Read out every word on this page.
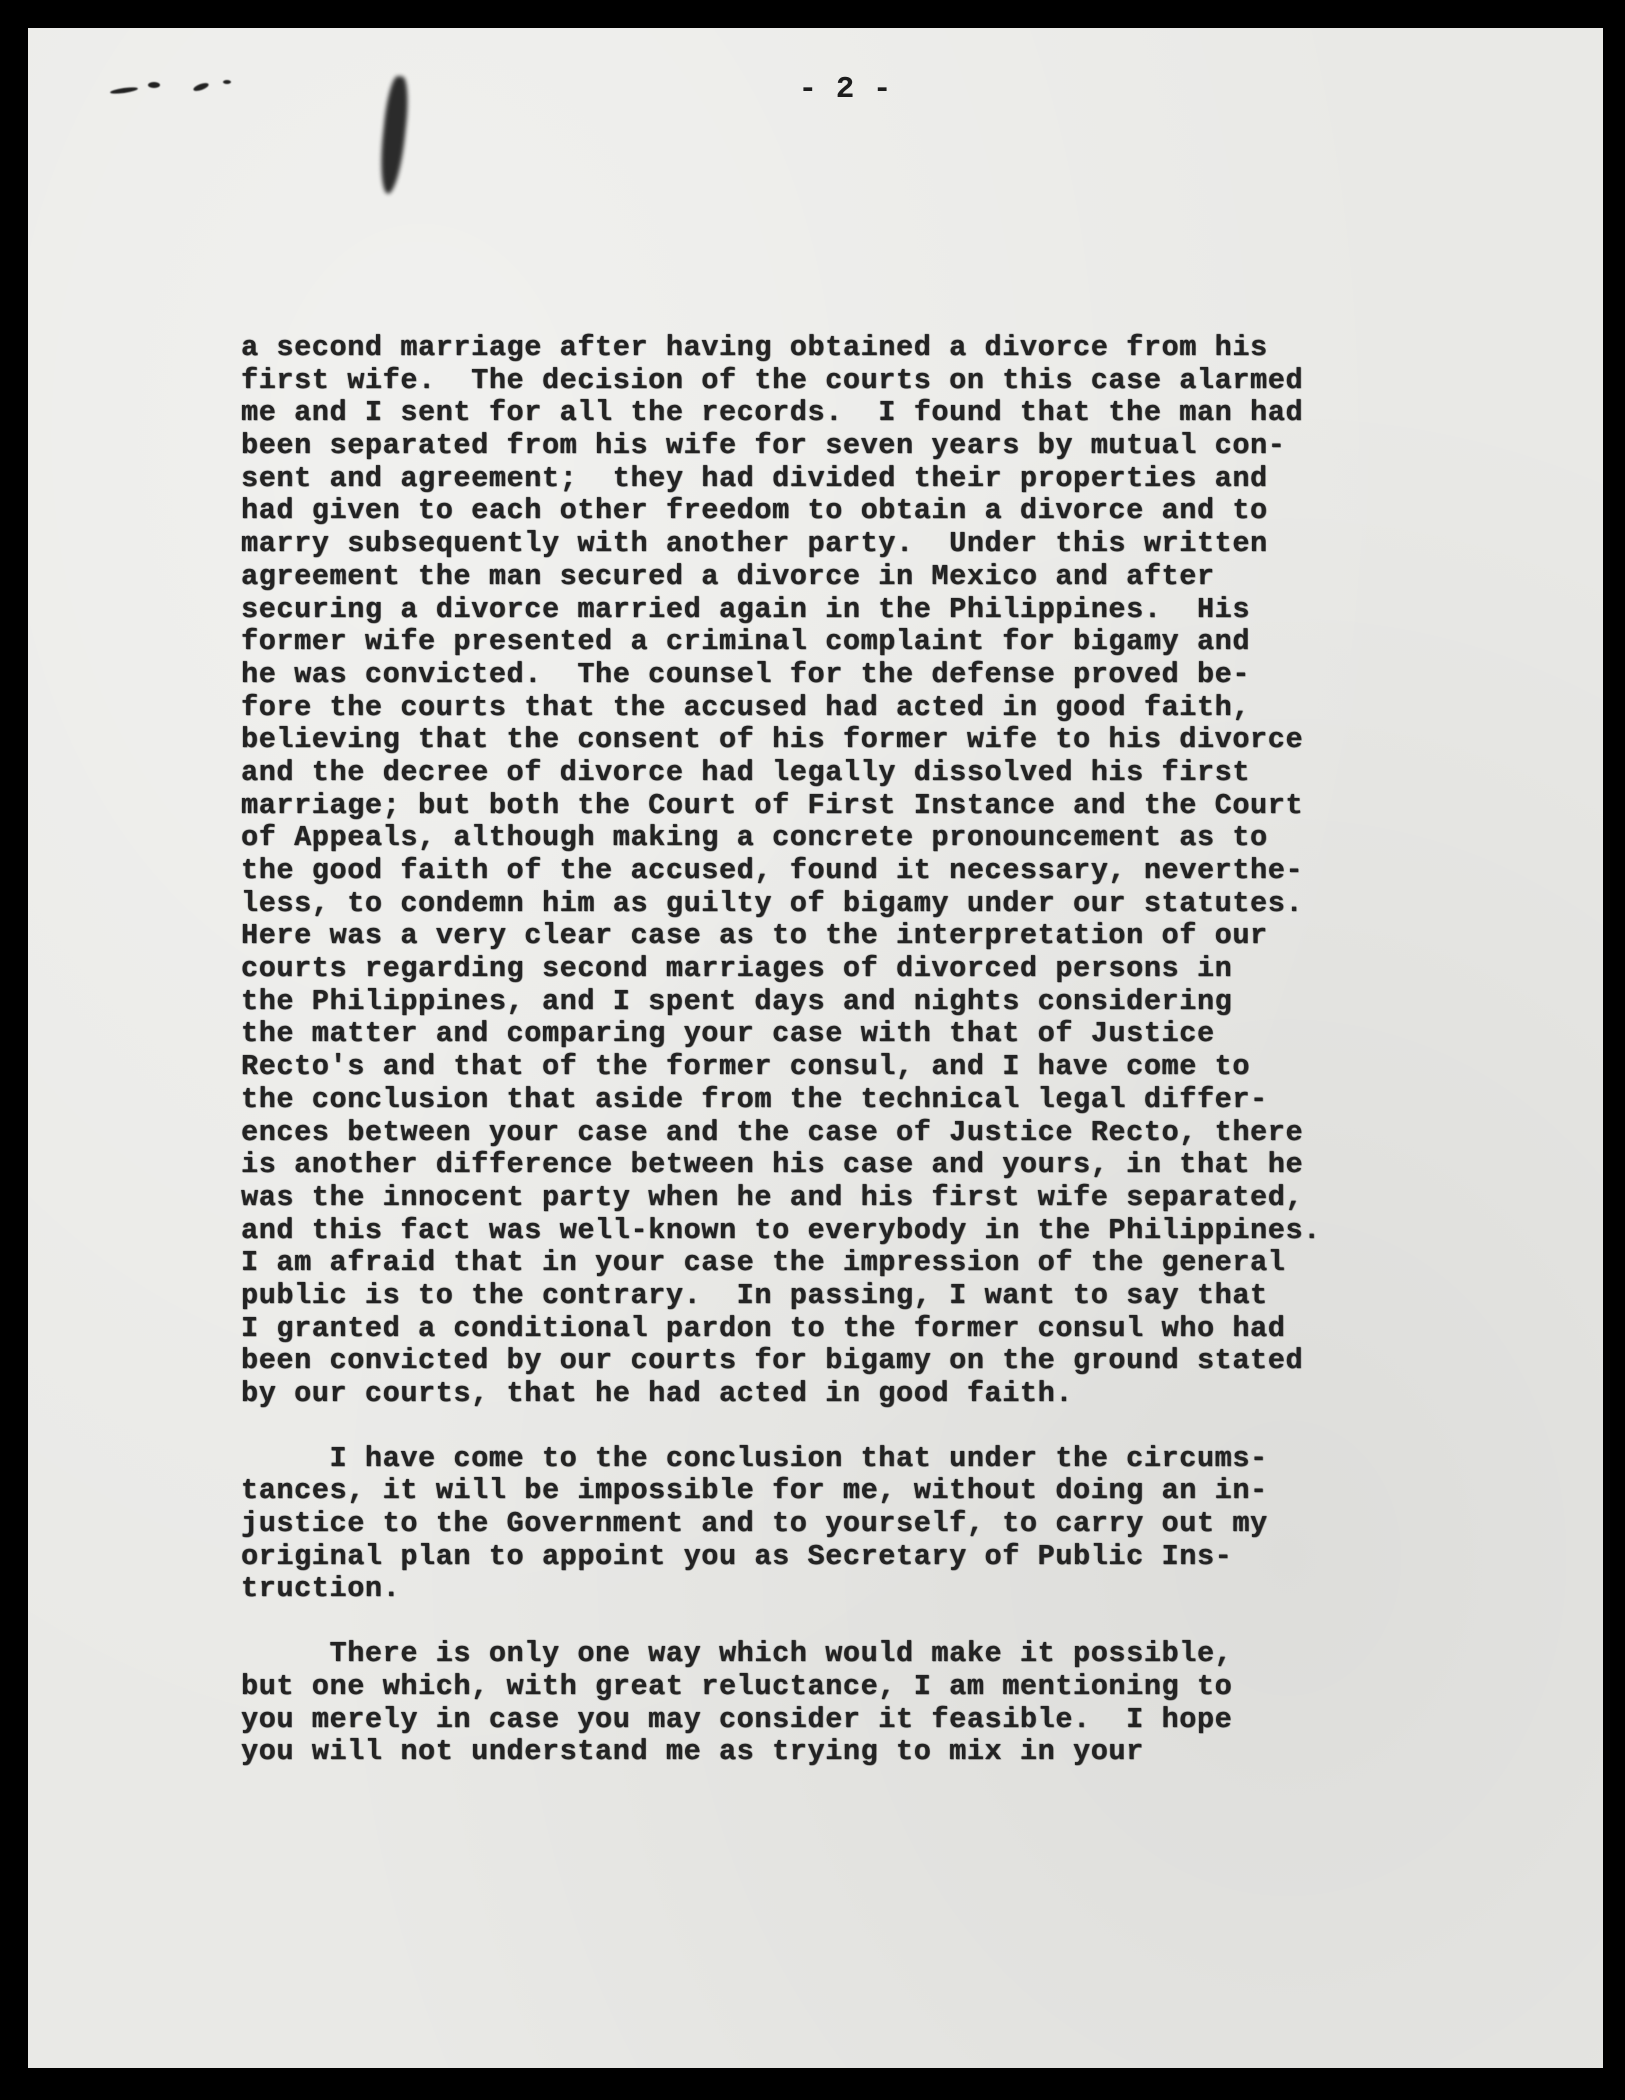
- 2 -
a second marriage after having obtained a divorce from his
first wife.  The decision of the courts on this case alarmed
me and I sent for all the records.  I found that the man had
been separated from his wife for seven years by mutual con-
sent and agreement;  they had divided their properties and
had given to each other freedom to obtain a divorce and to
marry subsequently with another party.  Under this written
agreement the man secured a divorce in Mexico and after
securing a divorce married again in the Philippines.  His
former wife presented a criminal complaint for bigamy and
he was convicted.  The counsel for the defense proved be-
fore the courts that the accused had acted in good faith,
believing that the consent of his former wife to his divorce
and the decree of divorce had legally dissolved his first
marriage; but both the Court of First Instance and the Court
of Appeals, although making a concrete pronouncement as to
the good faith of the accused, found it necessary, neverthe-
less, to condemn him as guilty of bigamy under our statutes.
Here was a very clear case as to the interpretation of our
courts regarding second marriages of divorced persons in
the Philippines, and I spent days and nights considering
the matter and comparing your case with that of Justice
Recto's and that of the former consul, and I have come to
the conclusion that aside from the technical legal differ-
ences between your case and the case of Justice Recto, there
is another difference between his case and yours, in that he
was the innocent party when he and his first wife separated,
and this fact was well-known to everybody in the Philippines.
I am afraid that in your case the impression of the general
public is to the contrary.  In passing, I want to say that
I granted a conditional pardon to the former consul who had
been convicted by our courts for bigamy on the ground stated
by our courts, that he had acted in good faith.
I have come to the conclusion that under the circums-
tances, it will be impossible for me, without doing an in-
justice to the Government and to yourself, to carry out my
original plan to appoint you as Secretary of Public Ins-
truction.
There is only one way which would make it possible,
but one which, with great reluctance, I am mentioning to
you merely in case you may consider it feasible.  I hope
you will not understand me as trying to mix in your
